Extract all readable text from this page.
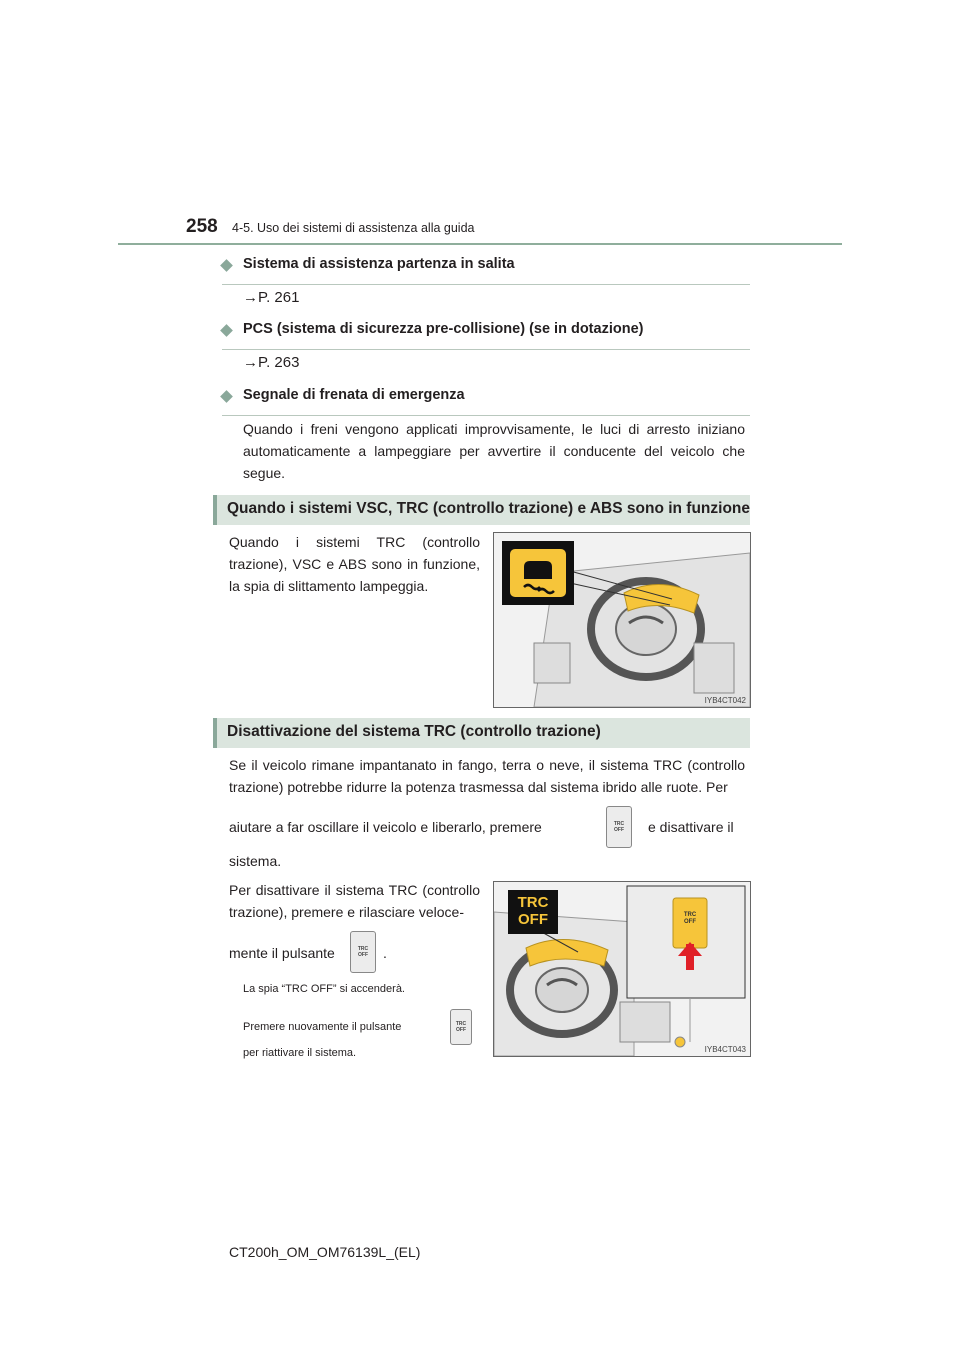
258 4-5. Uso dei sistemi di assistenza alla guida
Sistema di assistenza partenza in salita
→P. 261
PCS (sistema di sicurezza pre-collisione) (se in dotazione)
→P. 263
Segnale di frenata di emergenza
Quando i freni vengono applicati improvvisamente, le luci di arresto iniziano automaticamente a lampeggiare per avvertire il conducente del veicolo che segue.
Quando i sistemi VSC, TRC (controllo trazione) e ABS sono in funzione
Quando i sistemi TRC (controllo trazione), VSC e ABS sono in funzione, la spia di slittamento lampeggia.
IYB4CT042
Disattivazione del sistema TRC (controllo trazione)
Se il veicolo rimane impantanato in fango, terra o neve, il sistema TRC (controllo trazione) potrebbe ridurre la potenza trasmessa dal sistema ibrido alle ruote. Per
aiutare a far oscillare il veicolo e liberarlo, premere	TRC
OFF	e disattivare il
sistema.
Per disattivare il sistema TRC (controllo trazione), premere e rilasciare veloce-
mente il pulsante	TRC
OFF	.
La spia “TRC OFF” si accenderà.
Premere nuovamente il pulsante	TRC
OFF
per riattivare il sistema.
TRC
OFF	TRC
OFF
IYB4CT043
CT200h_OM_OM76139L_(EL)
